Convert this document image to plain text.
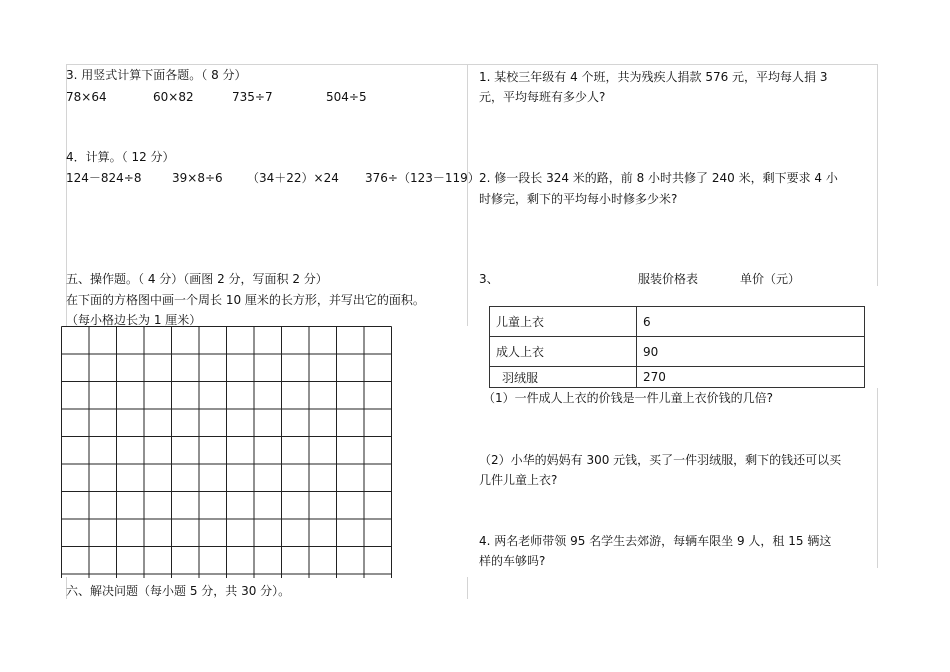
3. 用竖式计算下面各题。（ 8 分）
78×64	60×82	735÷7	504÷5
4．计算。（ 12 分）
124－824÷8	39×8÷6 （34＋22）×24 376÷（123－119）
五、操作题。（ 4 分）（画图 2 分，写面积 2 分）
在下面的方格图中画一个周长 10 厘米的长方形，并写出它的面积。
（每小格边长为 1 厘米）
六、解决问题（每小题 5 分，共 30 分）。
1. 某校三年级有 4 个班，共为残疾人捐款 576 元，平均每人捐 3
元，平均每班有多少人?
2. 修一段长 324 米的路，前 8 小时共修了 240 米，剩下要求 4 小
时修完，剩下的平均每小时修多少米?
3、	服装价格表	单价（元）
儿童上衣	6
成人上衣	90
羽绒服	270
（1）一件成人上衣的价钱是一件儿童上衣价钱的几倍?
（2）小华的妈妈有 300 元钱，买了一件羽绒服，剩下的钱还可以买
几件儿童上衣?
4. 两名老师带领 95 名学生去郊游，每辆车限坐 9 人，租 15 辆这
样的车够吗?
